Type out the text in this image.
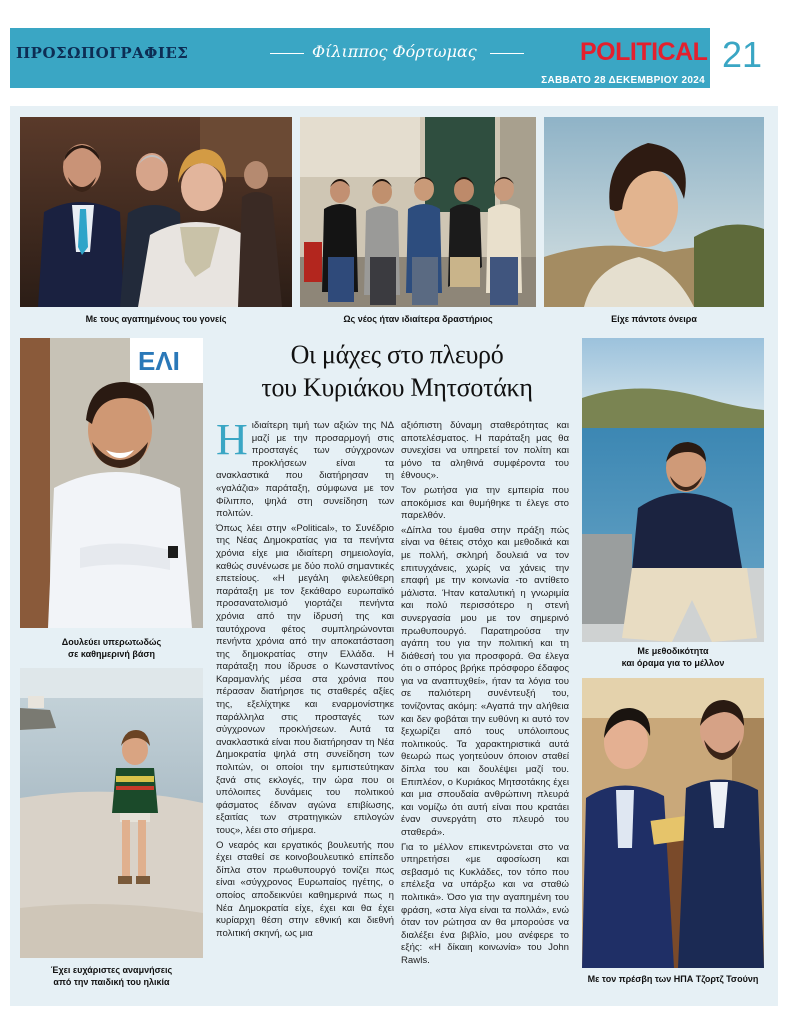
ΠΡΟΣΩΠΟΓΡΑΦΙΕΣ	Φίλιππος Φόρτωμας	POLITICAL
ΣΑΒΒΑΤΟ 28 ΔΕΚΕΜΒΡΙΟΥ 2024
21
Με τους αγαπημένους του γονείς	Ως νέος ήταν ιδιαίτερα δραστήριος	Είχε πάντοτε όνειρα
ΕΛΙ
Δουλεύει υπερωτωδώς
σε καθημερινή βάση
Έχει ευχάριστες αναμνήσεις
από την παιδική του ηλικία
Οι μάχες στο πλευρό
του Κυριάκου Μητσοτάκη

Ηιδιαίτερη τιμή των αξιών της ΝΔ μαζί με την προσαρμογή στις προσταγές των σύγχρονων προκλήσεων είναι τα ανακλαστικά που διατήρησαν τη «γαλάζια» παράταξη, σύμφωνα με τον Φίλιππο, ψηλά στη συνείδηση των πολιτών.

Όπως λέει στην «Political», το Συνέδριο της Νέας Δημοκρατίας για τα πενήντα χρόνια είχε μια ιδιαίτερη σημειολογία, καθώς συνένωσε με δύο πολύ σημαντικές επετείους. «Η μεγάλη φιλελεύθερη παράταξη με τον ξεκάθαρο ευρωπαϊκό προσανατολισμό γιορτάζει πενήντα χρόνια από την ίδρυσή της και ταυτόχρονα φέτος συμπληρώνονται πενήντα χρόνια από την αποκατάσταση της δημοκρατίας στην Ελλάδα. Η παράταξη που ίδρυσε ο Κωνσταντίνος Καραμανλής μέσα στα χρόνια που πέρασαν διατήρησε τις σταθερές αξίες της, εξελίχτηκε και εναρμονίστηκε παράλληλα στις προσταγές των σύγχρονων προκλήσεων. Αυτά τα ανακλαστικά είναι που διατήρησαν τη Νέα Δημοκρατία ψηλά στη συνείδηση των πολιτών, οι οποίοι την εμπιστεύτηκαν ξανά στις εκλογές, την ώρα που οι υπόλοιπες δυνάμεις του πολιτικού φάσματος έδιναν αγώνα επιβίωσης, εξαιτίας των στρατηγικών επιλογών τους», λέει στο σήμερα.

Ο νεαρός και εργατικός βουλευτής που έχει σταθεί σε κοινοβουλευτικό επίπεδο δίπλα στον πρωθυπουργό τονίζει πως είναι «σύγχρονος Ευρωπαίος ηγέτης, ο οποίος αποδεικνύει καθημερινά πως η Νέα Δημοκρατία είχε, έχει και θα έχει κυρίαρχη θέση στην εθνική και διεθνή πολιτική σκηνή, ως μια

αξιόπιστη δύναμη σταθερότητας και αποτελέσματος. Η παράταξη μας θα συνεχίσει να υπηρετεί τον πολίτη και μόνο τα αληθινά συμφέροντα του έθνους».

Τον ρωτήσα για την εμπειρία που αποκόμισε και θυμήθηκε τι έλεγε στο παρελθόν.

«Δίπλα του έμαθα στην πράξη πώς είναι να θέτεις στόχο και μεθοδικά και με πολλή, σκληρή δουλειά να τον επιτυγχάνεις, χωρίς να χάνεις την επαφή με την κοινωνία -το αντίθετο μάλιστα. Ήταν καταλυτική η γνωριμία και πολύ περισσότερο η στενή συνεργασία μου με τον σημερινό πρωθυπουργό. Παρατηρούσα την αγάπη του για την πολιτική και τη διάθεσή του για προσφορά. Θα έλεγα ότι ο σπόρος βρήκε πρόσφορο έδαφος για να αναπτυχθεί», ήταν τα λόγια του σε παλιότερη συνέντευξή του, τονίζοντας ακόμη: «Αγαπά την αλήθεια και δεν φοβάται την ευθύνη κι αυτό τον ξεχωρίζει από τους υπόλοιπους πολιτικούς. Τα χαρακτηριστικά αυτά θεωρώ πως γοητεύουν όποιον σταθεί δίπλα του και δουλέψει μαζί του. Επιπλέον, ο Κυριάκος Μητσοτάκης έχει και μια σπουδαία ανθρώπινη πλευρά και νομίζω ότι αυτή είναι που κρατάει έναν συνεργάτη στο πλευρό του σταθερά».

Για το μέλλον επικεντρώνεται στο να υπηρετήσει «με αφοσίωση και σεβασμό τις Κυκλάδες, τον τόπο που επέλεξα να υπάρξω και να σταθώ πολιτικά». Όσο για την αγαπημένη του φράση, «στα λίγα είναι τα πολλά», ενώ όταν τον ρώτησα αν θα μπορούσε να διαλέξει ένα βιβλίο, μου ανέφερε το εξής: «Η δίκαιη κοινωνία» του John Rawls.

Με μεθοδικότητα
και όραμα για το μέλλον
Με τον πρέσβη των ΗΠΑ Τζορτζ Τσούνη
